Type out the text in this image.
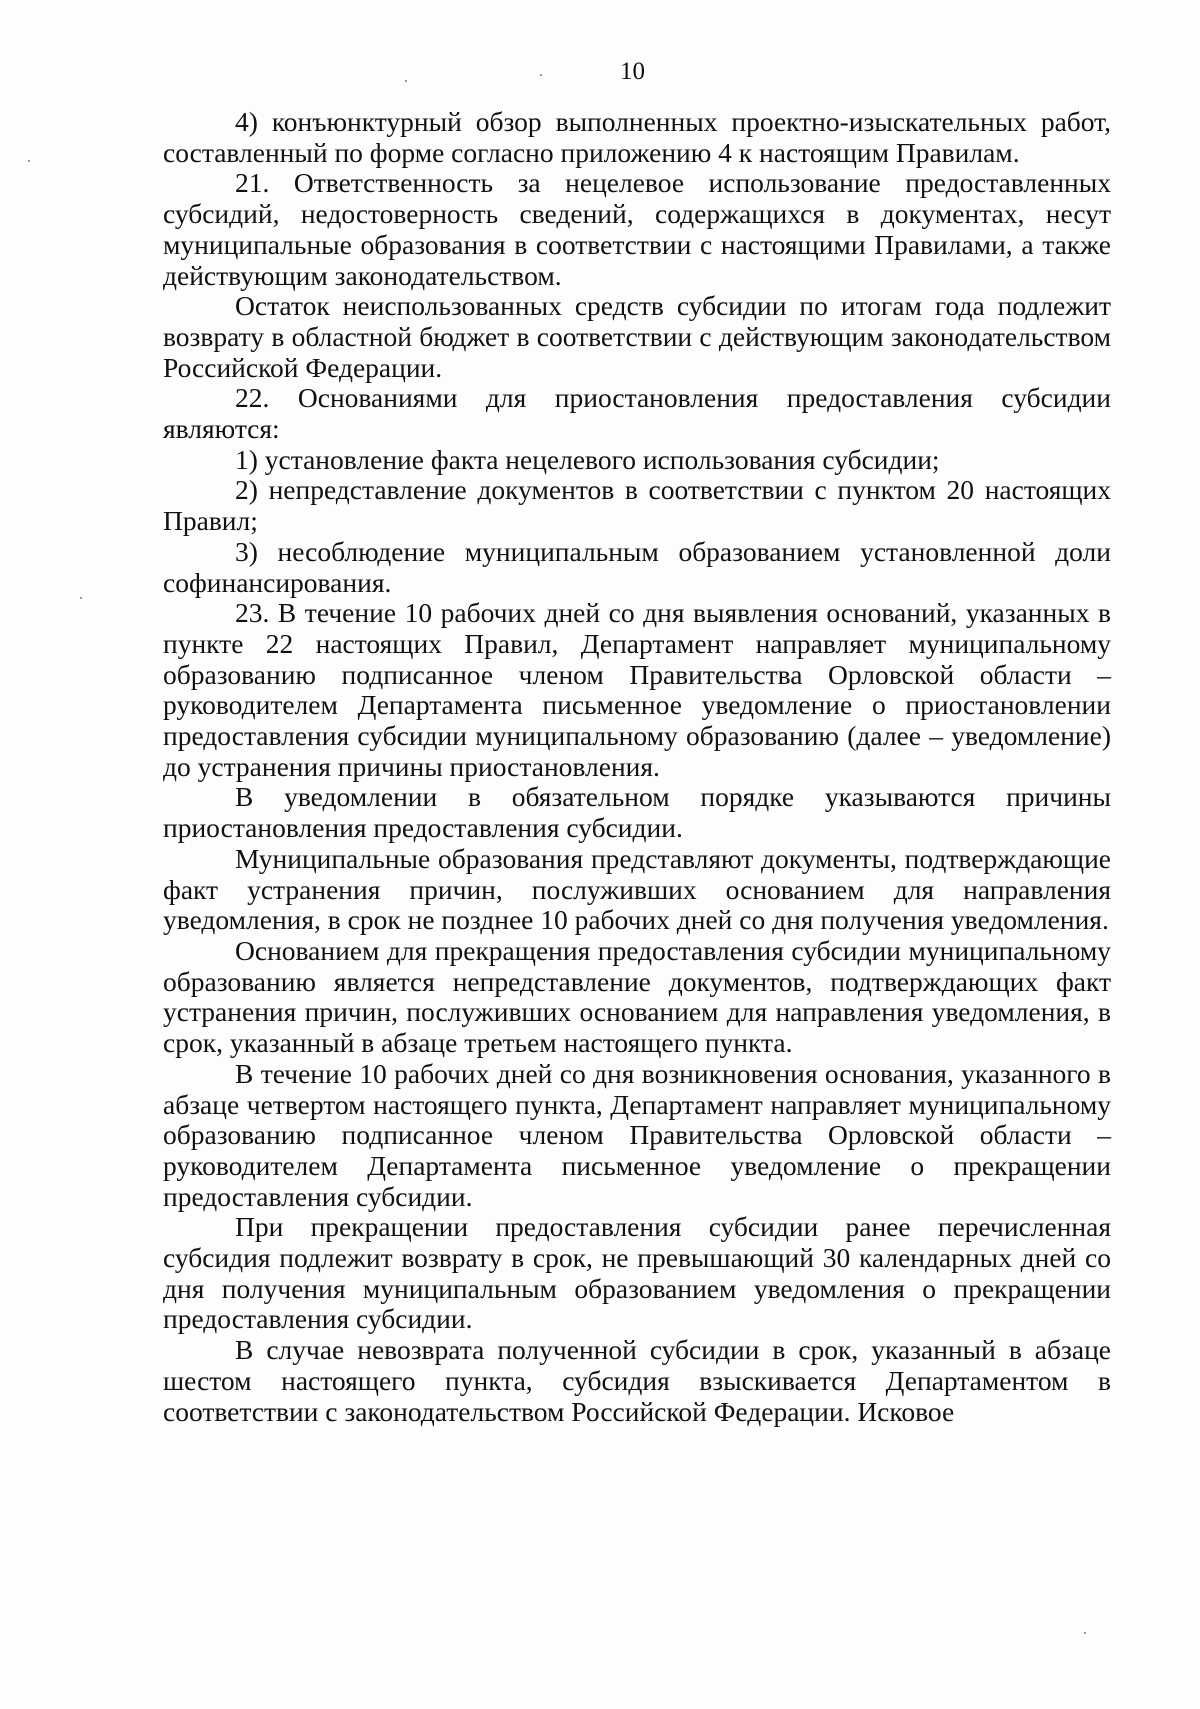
10

4) конъюнктурный обзор выполненных проектно-изыскательных работ, составленный по форме согласно приложению 4 к настоящим Правилам.

21. Ответственность за нецелевое использование предоставленных субсидий, недостоверность сведений, содержащихся в документах, несут муниципальные образования в соответствии с настоящими Правилами, а также действующим законодательством.

Остаток неиспользованных средств субсидии по итогам года подлежит возврату в областной бюджет в соответствии с действующим законодательством Российской Федерации.

22. Основаниями для приостановления предоставления субсидии являются:

1) установление факта нецелевого использования субсидии;

2) непредставление документов в соответствии с пунктом 20 настоящих Правил;

3) несоблюдение муниципальным образованием установленной доли софинансирования.

23. В течение 10 рабочих дней со дня выявления оснований, указанных в пункте 22 настоящих Правил, Департамент направляет муниципальному образованию подписанное членом Правительства Орловской области – руководителем Департамента письменное уведомление о приостановлении предоставления субсидии муниципальному образованию (далее – уведомление) до устранения причины приостановления.

В уведомлении в обязательном порядке указываются причины приостановления предоставления субсидии.

Муниципальные образования представляют документы, подтверждающие факт устранения причин, послуживших основанием для направления уведомления, в срок не позднее 10 рабочих дней со дня получения уведомления.

Основанием для прекращения предоставления субсидии муниципальному образованию является непредставление документов, подтверждающих факт устранения причин, послуживших основанием для направления уведомления, в срок, указанный в абзаце третьем настоящего пункта.

В течение 10 рабочих дней со дня возникновения основания, указанного в абзаце четвертом настоящего пункта, Департамент направляет муниципальному образованию подписанное членом Правительства Орловской области – руководителем Департамента письменное уведомление о прекращении предоставления субсидии.

При прекращении предоставления субсидии ранее перечисленная субсидия подлежит возврату в срок, не превышающий 30 календарных дней со дня получения муниципальным образованием уведомления о прекращении предоставления субсидии.

В случае невозврата полученной субсидии в срок, указанный в абзаце шестом настоящего пункта, субсидия взыскивается Департаментом в соответствии с законодательством Российской Федерации. Исковое
